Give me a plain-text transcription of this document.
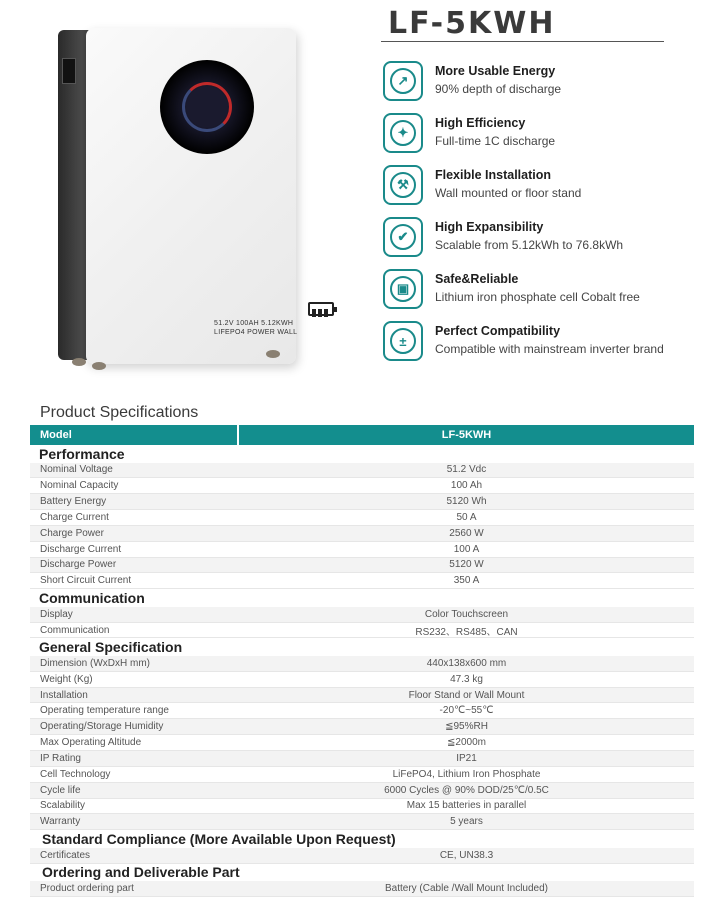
51.2V 100AH 5.12KWH
LIFEPO4 POWER WALL
LF-5KWH
↗
More Usable Energy
90% depth of discharge
✦
High Efficiency
Full-time 1C discharge
⚒
Flexible Installation
Wall mounted or floor stand
✔
High Expansibility
Scalable from 5.12kWh to 76.8kWh
▣
Safe&Reliable
Lithium iron phosphate cell Cobalt free
±
Perfect Compatibility
Compatible with mainstream inverter brand
Product Specifications
Model	LF-5KWH
Performance
Nominal Voltage	51.2 Vdc
Nominal Capacity	100 Ah
Battery Energy	5120 Wh
Charge Current	50 A
Charge Power	2560 W
Discharge Current	100 A
Discharge Power	5120 W
Short Circuit Current	350 A
Communication
Display	Color Touchscreen
Communication	RS232、RS485、CAN
General Specification
Dimension (WxDxH mm)	440x138x600 mm
Weight (Kg)	47.3 kg
Installation	Floor Stand or Wall Mount
Operating temperature range	-20℃~55℃
Operating/Storage Humidity	≦95%RH
Max Operating Altitude	≦2000m
IP Rating	IP21
Cell Technology	LiFePO4, Lithium Iron Phosphate
Cycle life	6000 Cycles @ 90% DOD/25℃/0.5C
Scalability	Max 15 batteries in parallel
Warranty	5 years
Standard Compliance (More Available Upon Request)
Certificates	CE, UN38.3
Ordering and Deliverable Part
Product ordering part	Battery (Cable /Wall Mount Included)
